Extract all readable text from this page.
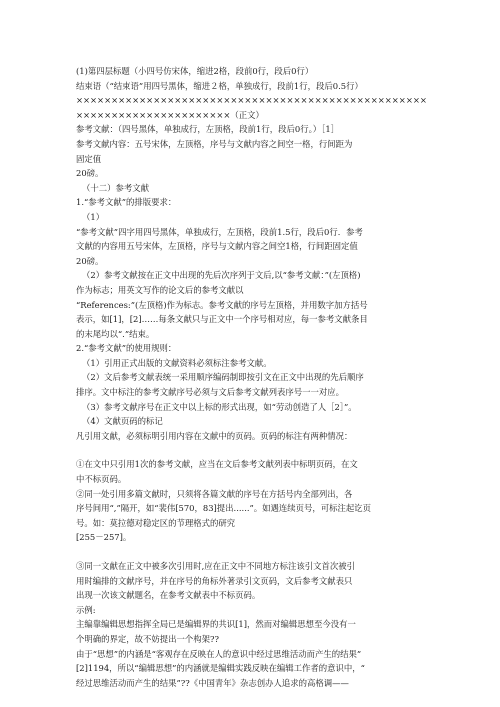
(1)第四层标题（小四号仿宋体，缩进2格，段前0行，段后0行）
结束语（“结束语”用四号黑体，缩进２格，单独成行，段前1行，段后0.5行）
××××××××××××××××××××××××××××××××××××××××××××××××××
××××××××××××××××××××××（正文）
参考文献：（四号黑体，单独成行，左顶格，段前1行，段后0行。）［1］
参考文献内容：五号宋体，左顶格，序号与文献内容之间空一格，行间距为
固定值
20磅。
（十二）参考文献
1.“参考文献”的排版要求：
（1）
“参考文献”四字用四号黑体，单独成行，左顶格，段前1.5行，段后0行．参考
文献的内容用五号宋体，左顶格，序号与文献内容之间空1格，行间距固定值
20磅。
（2）参考文献按在正文中出现的先后次序列于文后,以“参考文献：”(左顶格)
作为标志；用英文写作的论文后的参考文献以
“References:”(左顶格)作为标志。参考文献的序号左顶格，并用数字加方括号
表示，如[1]，[2]……每条文献只与正文中一个序号相对应，每一参考文献条目
的末尾均以“.”结束。
2.“参考文献”的使用规则：
（1）引用正式出版的文献资料必须标注参考文献。
（2）文后参考文献表统一采用顺序编码制即按引文在正文中出现的先后顺序
排序。文中标注的参考文献序号必须与文后参考文献列表序号一一对应。
（3）参考文献序号在正文中以上标的形式出现，如“劳动创造了人［2］”。
（4）文献页码的标记
凡引用文献，必须标明引用内容在文献中的页码。页码的标注有两种情况：
①在文中只引用1次的参考文献，应当在文后参考文献列表中标明页码，在文
中不标页码。
②同一处引用多篇文献时，只须将各篇文献的序号在方括号内全部列出，各
序号间用“,”隔开，如“裴伟[570，83]提出......”。如遇连续页号，可标注起讫页
号。如：莫拉德对稳定区的节理格式的研究
[255－257]。
③同一文献在正文中被多次引用时,应在正文中不同地方标注该引文首次被引
用时编排的文献序号，并在序号的角标外著录引文页码，文后参考文献表只
出现一次该文献题名，在参考文献表中不标页码。
示例:
主编靠编辑思想指挥全局已是编辑界的共识[1]，然而对编辑思想至今没有一
个明确的界定，故不妨提出一个构架??
由于“思想”的内涵是“客观存在反映在人的意识中经过思维活动而产生的结果”
[2]1194，所以“编辑思想”的内涵就是编辑实践反映在编辑工作者的意识中，“
经过思维活动而产生的结果”??《中国青年》杂志创办人追求的高格调——
